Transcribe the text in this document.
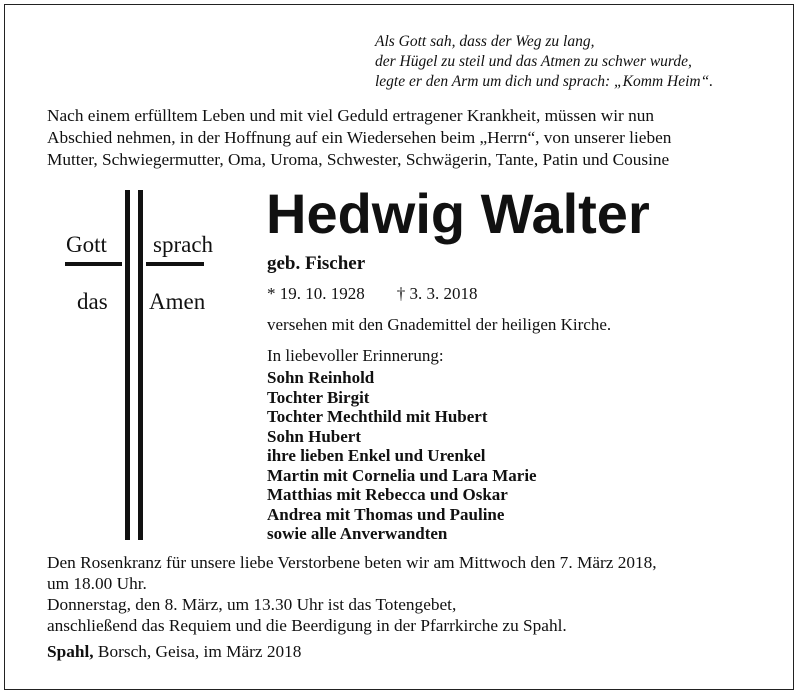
Als Gott sah, dass der Weg zu lang,
der Hügel zu steil und das Atmen zu schwer wurde,
legte er den Arm um dich und sprach: „Komm Heim“.
Nach einem erfülltem Leben und mit viel Geduld ertragener Krankheit, müssen wir nun
Abschied nehmen, in der Hoffnung auf ein Wiedersehen beim „Herrn“, von unserer lieben
Mutter, Schwiegermutter, Oma, Uroma, Schwester, Schwägerin, Tante, Patin und Cousine
Gott sprach
das Amen
Hedwig Walter
geb. Fischer
* 19. 10. 1928 † 3. 3. 2018
versehen mit den Gnademittel der heiligen Kirche.
In liebevoller Erinnerung:
Sohn Reinhold
Tochter Birgit
Tochter Mechthild mit Hubert
Sohn Hubert
ihre lieben Enkel und Urenkel
Martin mit Cornelia und Lara Marie
Matthias mit Rebecca und Oskar
Andrea mit Thomas und Pauline
sowie alle Anverwandten
Den Rosenkranz für unsere liebe Verstorbene beten wir am Mittwoch den 7. März 2018,
um 18.00 Uhr.
Donnerstag, den 8. März, um 13.30 Uhr ist das Totengebet,
anschließend das Requiem und die Beerdigung in der Pfarrkirche zu Spahl.
Spahl, Borsch, Geisa, im März 2018
